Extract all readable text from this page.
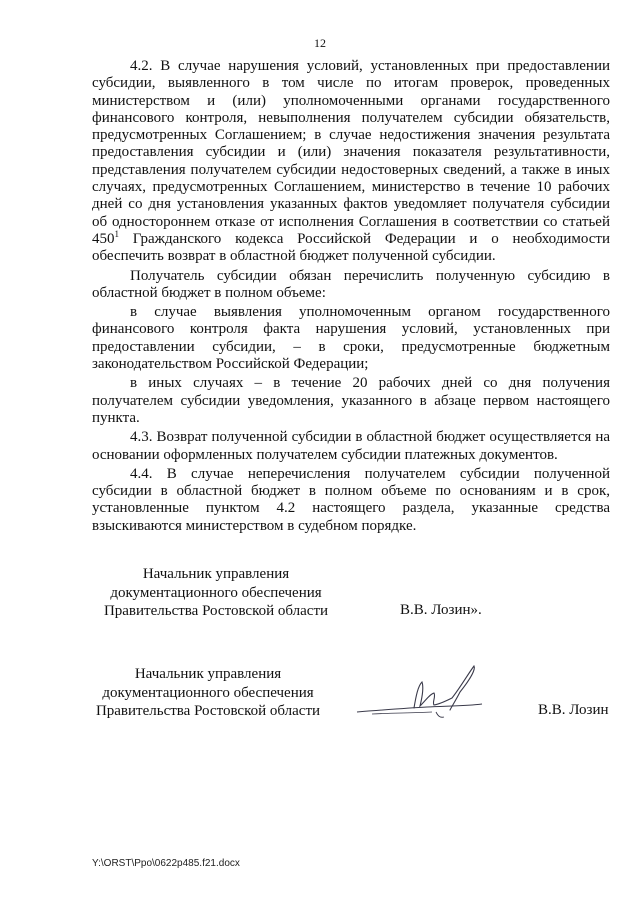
12

4.2. В случае нарушения условий, установленных при предоставлении субсидии, выявленного в том числе по итогам проверок, проведенных министерством и (или) уполномоченными органами государственного финансового контроля, невыполнения получателем субсидии обязательств, предусмотренных Соглашением; в случае недостижения значения результата предоставления субсидии и (или) значения показателя результативности, представления получателем субсидии недостоверных сведений, а также в иных случаях, предусмотренных Соглашением, министерство в течение 10 рабочих дней со дня установления указанных фактов уведомляет получателя субсидии об одностороннем отказе от исполнения Соглашения в соответствии со статьей $450^1$ Гражданского кодекса Российской Федерации и о необходимости обеспечить возврат в областной бюджет полученной субсидии.

Получатель субсидии обязан перечислить полученную субсидию в областной бюджет в полном объеме:

в случае выявления уполномоченным органом государственного финансового контроля факта нарушения условий, установленных при предоставлении субсидии, – в сроки, предусмотренные бюджетным законодательством Российской Федерации;

в иных случаях – в течение 20 рабочих дней со дня получения получателем субсидии уведомления, указанного в абзаце первом настоящего пункта.

4.3. Возврат полученной субсидии в областной бюджет осуществляется на основании оформленных получателем субсидии платежных документов.

4.4. В случае неперечисления получателем субсидии полученной субсидии в областной бюджет в полном объеме по основаниям и в срок, установленные пунктом 4.2 настоящего раздела, указанные средства взыскиваются министерством в судебном порядке.

Начальник управления
документационного обеспечения
Правительства Ростовской области	В.В. Лозин».
Начальник управления
документационного обеспечения
Правительства Ростовской области	В.В. Лозин
Y:\ORST\Ppo\0622p485.f21.docx
